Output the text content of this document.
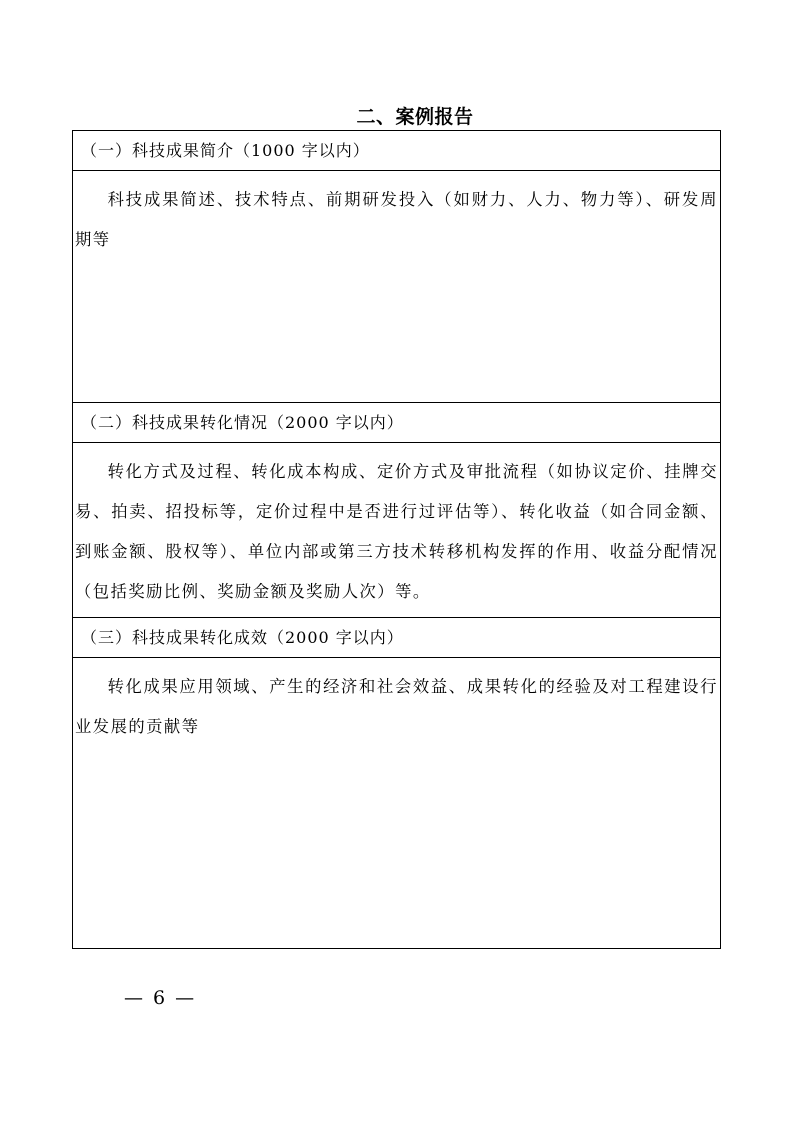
二、案例报告
（一）科技成果简介（1000 字以内）
科技成果简述、技术特点、前期研发投入（如财力、人力、物力等）、研发周期等
（二）科技成果转化情况（2000 字以内）
转化方式及过程、转化成本构成、定价方式及审批流程（如协议定价、挂牌交易、拍卖、招投标等，定价过程中是否进行过评估等）、转化收益（如合同金额、到账金额、股权等）、单位内部或第三方技术转移机构发挥的作用、收益分配情况（包括奖励比例、奖励金额及奖励人次）等。
（三）科技成果转化成效（2000 字以内）
转化成果应用领域、产生的经济和社会效益、成果转化的经验及对工程建设行业发展的贡献等
— 6 —
